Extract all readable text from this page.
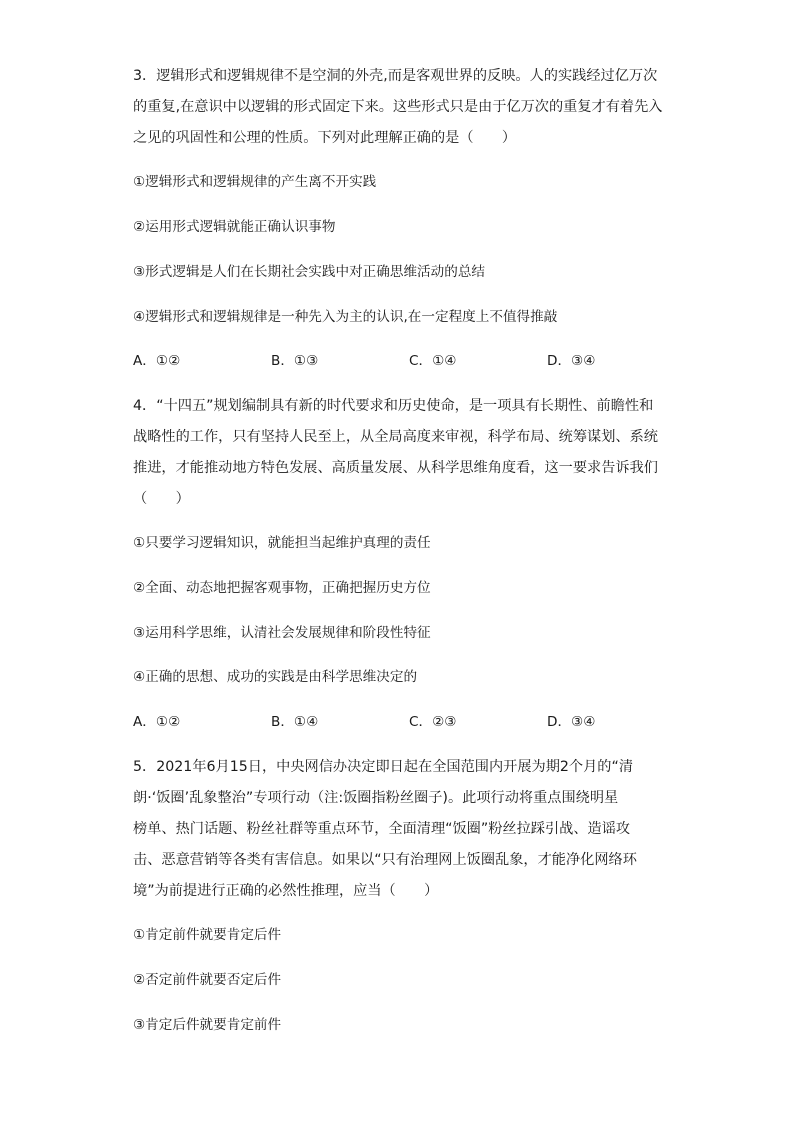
3．逻辑形式和逻辑规律不是空洞的外壳,而是客观世界的反映。人的实践经过亿万次
的重复,在意识中以逻辑的形式固定下来。这些形式只是由于亿万次的重复才有着先入
之见的巩固性和公理的性质。下列对此理解正确的是（　　）

①逻辑形式和逻辑规律的产生离不开实践

②运用形式逻辑就能正确认识事物

③形式逻辑是人们在长期社会实践中对正确思维活动的总结

④逻辑形式和逻辑规律是一种先入为主的认识,在一定程度上不值得推敲

A．①②	B．①③	C．①④	D．③④
4．“十四五”规划编制具有新的时代要求和历史使命，是一项具有长期性、前瞻性和
战略性的工作，只有坚持人民至上，从全局高度来审视，科学布局、统筹谋划、系统
推进，才能推动地方特色发展、高质量发展、从科学思维角度看，这一要求告诉我们
（　　）

①只要学习逻辑知识，就能担当起维护真理的责任

②全面、动态地把握客观事物，正确把握历史方位

③运用科学思维，认清社会发展规律和阶段性特征

④正确的思想、成功的实践是由科学思维决定的

A．①②	B．①④	C．②③	D．③④
5．2021年6月15日，中央网信办决定即日起在全国范围内开展为期2个月的“清
朗·‘饭圈’乱象整治”专项行动（注:饭圈指粉丝圈子)。此项行动将重点围绕明星
榜单、热门话题、粉丝社群等重点环节，全面清理“饭圈”粉丝拉踩引战、造谣攻
击、恶意营销等各类有害信息。如果以“只有治理网上饭圈乱象，才能净化网络环
境”为前提进行正确的必然性推理，应当（　　）

①肯定前件就要肯定后件

②否定前件就要否定后件

③肯定后件就要肯定前件
